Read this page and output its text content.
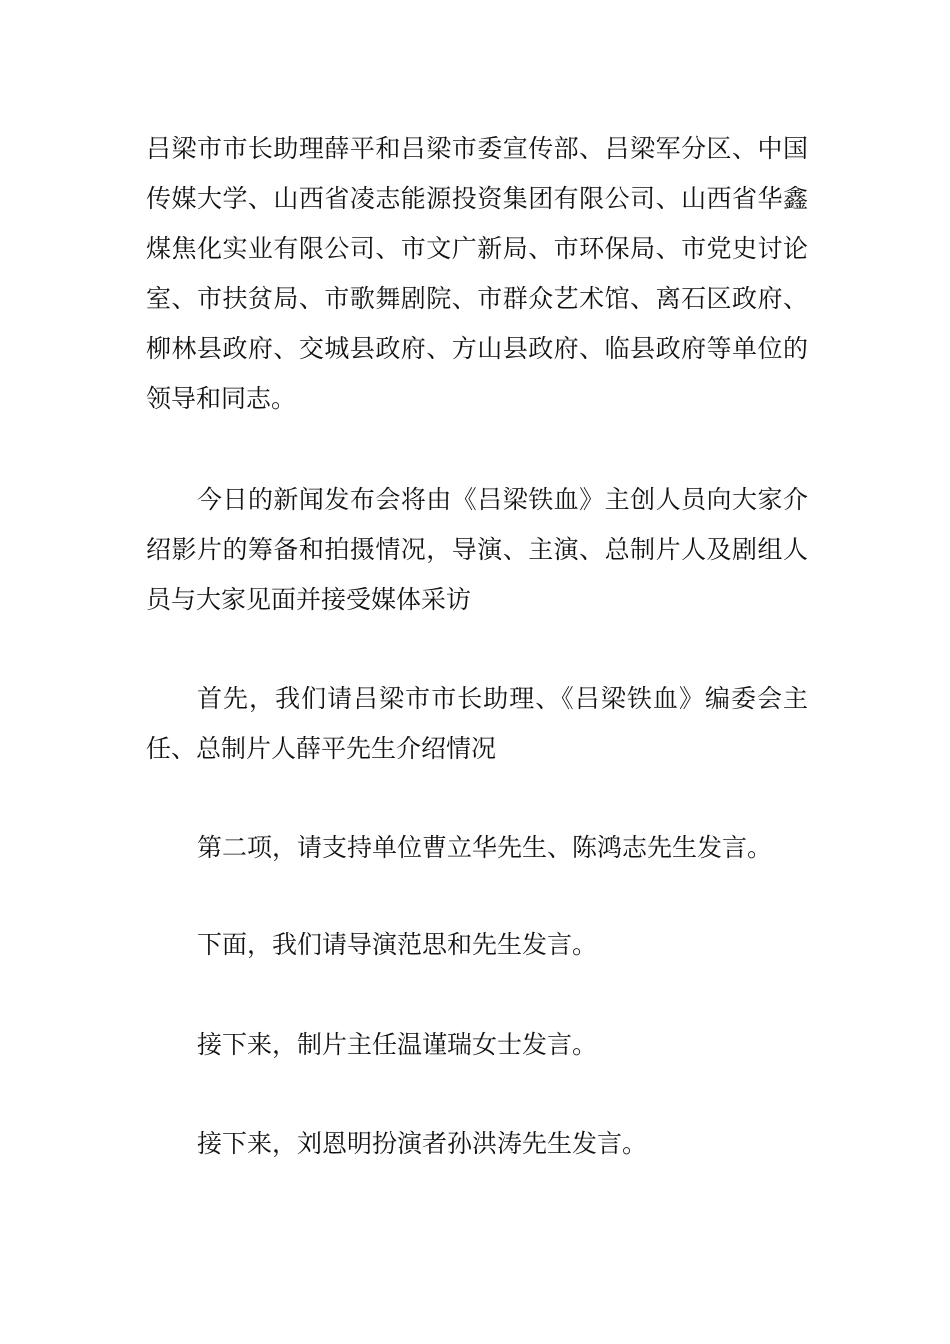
吕梁市市长助理薛平和吕梁市委宣传部、吕梁军分区、中国传媒大学、山西省凌志能源投资集团有限公司、山西省华鑫煤焦化实业有限公司、市文广新局、市环保局、市党史讨论室、市扶贫局、市歌舞剧院、市群众艺术馆、离石区政府、柳林县政府、交城县政府、方山县政府、临县政府等单位的领导和同志。

今日的新闻发布会将由《吕梁铁血》主创人员向大家介绍影片的筹备和拍摄情况，导演、主演、总制片人及剧组人员与大家见面并接受媒体采访

首先，我们请吕梁市市长助理、《吕梁铁血》编委会主任、总制片人薛平先生介绍情况

第二项，请支持单位曹立华先生、陈鸿志先生发言。

下面，我们请导演范思和先生发言。

接下来，制片主任温谨瑞女士发言。

接下来，刘恩明扮演者孙洪涛先生发言。
